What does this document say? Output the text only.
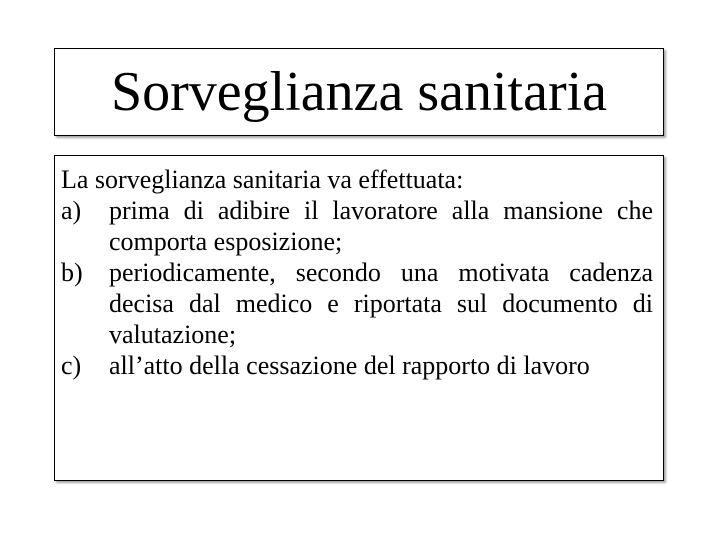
Sorveglianza sanitaria

La sorveglianza sanitaria va effettuata:

a) prima di adibire il lavoratore alla mansione che comporta esposizione;
b) periodicamente, secondo una motivata cadenza decisa dal medico e riportata sul documento di valutazione;
c) all’atto della cessazione del rapporto di lavoro
